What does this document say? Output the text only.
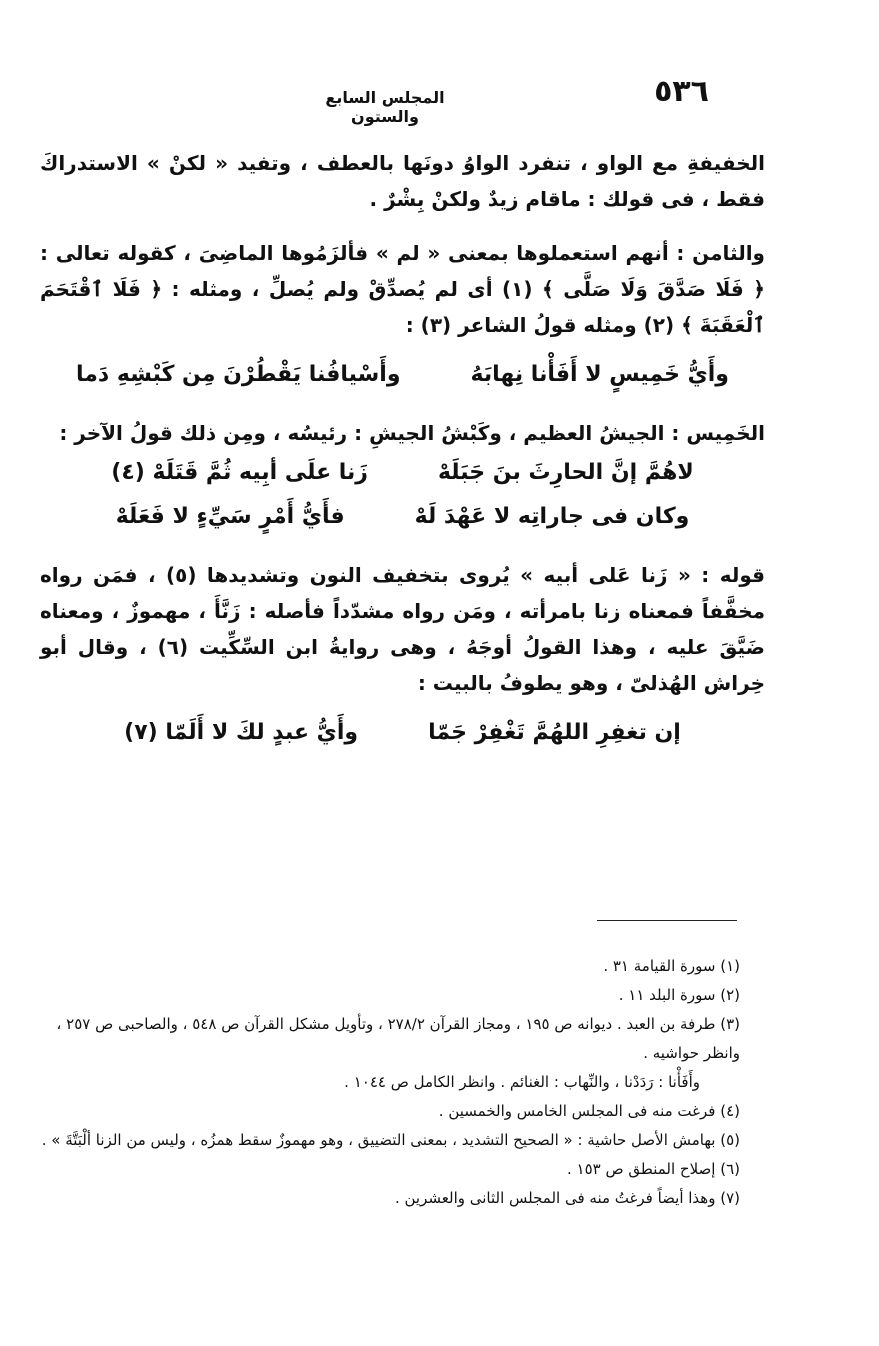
٥٣٦
المجلس السابع والستون

الخفيفةِ مع الواو ، تنفرد الواوُ دونَها بالعطف ، وتفيد « لكنْ » الاستدراكَ فقط ، فى قولك : ماقام زيدٌ ولكنْ بِشْرٌ .

والثامن : أنهم استعملوها بمعنى « لم » فألزَمُوها الماضِىَ ، كقوله تعالى : ﴿ فَلَا صَدَّقَ وَلَا صَلَّى ﴾ (١) أى لم يُصدِّقْ ولم يُصلِّ ، ومثله : ﴿ فَلَا ٱقْتَحَمَ ٱلْعَقَبَةَ ﴾ (٢) ومثله قولُ الشاعر (٣) :

وأَيُّ خَمِيسٍ لا أَفَأْنا نِهابَهُ
وأَسْيافُنا يَقْطُرْنَ مِن كَبْشِهِ دَما

الخَمِيس : الجيشُ العظيم ، وكَبْشُ الجيشِ : رئيسُه ، ومِن ذلك قولُ الآخر :

لاهُمَّ إنَّ الحارِثَ بنَ جَبَلَهْ
زَنا علَى أبِيه ثُمَّ قَتَلَهْ (٤)
وكان فى جاراتِه لا عَهْدَ لَهْ
فأَيُّ أَمْرٍ سَيِّءٍ لا فَعَلَهْ

قوله : « زَنا عَلى أبيه » يُروى بتخفيف النون وتشديدها (٥) ، فمَن رواه مخفَّفاً فمعناه زنا بامرأته ، ومَن رواه مشدّداً فأصله : زَنَّأَ ، مهموزٌ ، ومعناه ضَيَّقَ عليه ، وهذا القولُ أوجَهُ ، وهى روايةُ ابن السِّكِّيت (٦) ، وقال أبو خِراش الهُذلىّ ، وهو يطوفُ بالبيت :

إن تغفِرِ اللهُمَّ تَغْفِرْ جَمّا
وأَيُّ عبدٍ لكَ لا أَلَمّا (٧)

(١) سورة القيامة ٣١ .

(٢) سورة البلد ١١ .

(٣) طرفة بن العبد . ديوانه ص ١٩٥ ، ومجاز القرآن ٢٧٨/٢ ، وتأويل مشكل القرآن ص ٥٤٨ ، والصاحبى ص ٢٥٧ ، وانظر حواشيه .

وأَفَأْنا : رَدَدْنا ، والنِّهاب : الغنائم . وانظر الكامل ص ١٠٤٤ .

(٤) فرغت منه فى المجلس الخامس والخمسين .

(٥) بهامش الأصل حاشية : « الصحيح التشديد ، بمعنى التضييق ، وهو مهموزٌ سقط همزُه ، وليس من الزنا ألْبَتَّةَ » .

(٦) إصلاح المنطق ص ١٥٣ .

(٧) وهذا أيضاً فرغتُ منه فى المجلس الثانى والعشرين .
